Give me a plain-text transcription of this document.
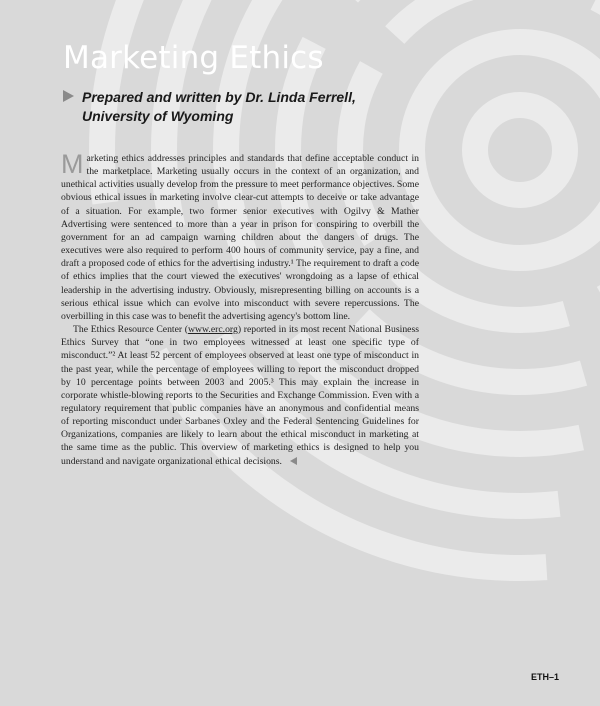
Marketing Ethics
Prepared and written by Dr. Linda Ferrell,
University of Wyoming

Marketing ethics addresses principles and standards that define acceptable conduct in the marketplace. Marketing usually occurs in the context of an organization, and unethical activities usually develop from the pressure to meet performance objectives. Some obvious ethical issues in marketing involve clear-cut attempts to deceive or take advantage of a situation. For example, two former senior executives with Ogilvy & Mather Advertising were sentenced to more than a year in prison for conspiring to overbill the government for an ad campaign warning children about the dangers of drugs. The executives were also required to perform 400 hours of community service, pay a fine, and draft a proposed code of ethics for the advertising industry.¹ The requirement to draft a code of ethics implies that the court viewed the executives' wrongdoing as a lapse of ethical leadership in the advertising industry. Obviously, misrepresenting billing on accounts is a serious ethical issue which can evolve into misconduct with severe repercussions. The overbilling in this case was to benefit the advertising agency's bottom line.

The Ethics Resource Center (www.erc.org) reported in its most recent National Business Ethics Survey that “one in two employees witnessed at least one specific type of misconduct.”² At least 52 percent of employees observed at least one type of misconduct in the past year, while the percentage of employees willing to report the misconduct dropped by 10 percentage points between 2003 and 2005.³ This may explain the increase in corporate whistle-blowing reports to the Securities and Exchange Commission. Even with a regulatory requirement that public companies have an anonymous and confidential means of reporting misconduct under Sarbanes Oxley and the Federal Sentencing Guidelines for Organizations, companies are likely to learn about the ethical misconduct in marketing at the same time as the public. This overview of marketing ethics is designed to help you understand and navigate organizational ethical decisions.

ETH–1
